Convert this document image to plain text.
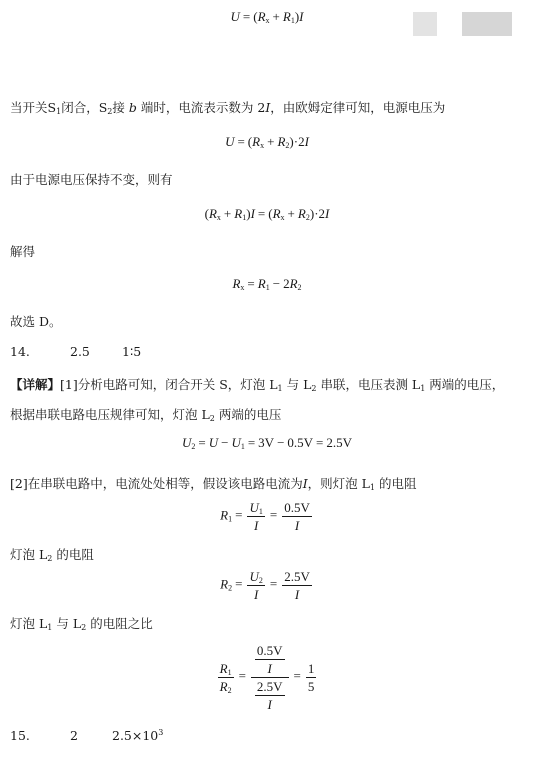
$U = (R_x + R_1)I$
当开关$S_1$闭合，$S_2$接 b 端时，电流表示数为 2I，由欧姆定律可知，电源电压为
$U = (R_x + R_2)\cdot 2I$
由于电源电压保持不变，则有
$(R_x + R_1)I = (R_x + R_2)\cdot 2I$
解得
$R_x = R_1 - 2R_2$
故选 D。
14.	2.5	1∶5
【详解】[1]分析电路可知，闭合开关 S，灯泡 $L_1$ 与 $L_2$ 串联，电压表测 $L_1$ 两端的电压，
根据串联电路电压规律可知，灯泡 $L_2$ 两端的电压
$U_2 = U - U_1 = 3V - 0.5V = 2.5V$
[2]在串联电路中，电流处处相等，假设该电路电流为I，则灯泡 $L_1$ 的电阻
$R_1 = \frac{U_1}{I} = \frac{0.5V}{I}$
灯泡 $L_2$ 的电阻
$R_2 = \frac{U_2}{I} = \frac{2.5V}{I}$
灯泡 $L_1$ 与 $L_2$ 的电阻之比
$\frac{R_1}{R_2} = \frac{\frac{0.5V}{I}}{\frac{2.5V}{I}} = \frac{1}{5}$
15.	2	$2.5\times 10^3$
